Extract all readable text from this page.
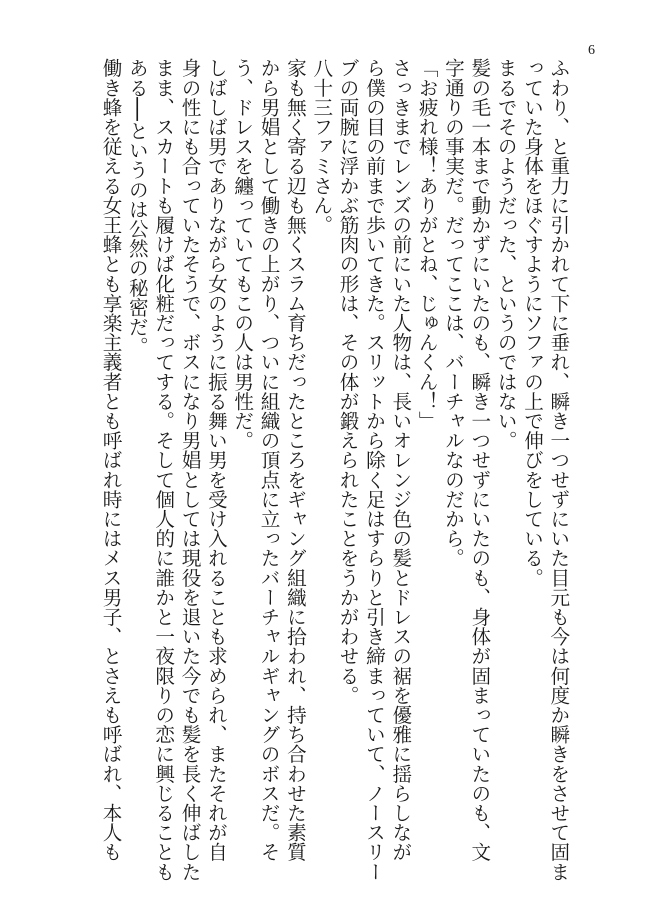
6
ふわり、と重力に引かれて下に垂れ、瞬き一つせずにいた目元も今は何度か瞬きをさせて固ま
っていた身体をほぐすようにソファの上で伸びをしている。
まるでそのようだった、というのではない。
髪の毛一本まで動かずにいたのも、瞬き一つせずにいたのも、身体が固まっていたのも、文
字通りの事実だ。だってここは、バーチャルなのだから。
「お疲れ様！ありがとね、じゅんくん！」
さっきまでレンズの前にいた人物は、長いオレンジ色の髪とドレスの裾を優雅に揺らしなが
ら僕の目の前まで歩いてきた。スリットから除く足はすらりと引き締まっていて、ノースリー
ブの両腕に浮かぶ筋肉の形は、その体が鍛えられたことをうかがわせる。
八十三ファミさん。
家も無く寄る辺も無くスラム育ちだったところをギャング組織に拾われ、持ち合わせた素質
から男娼として働きの上がり、ついに組織の頂点に立ったバーチャルギャングのボスだ。そ
う、ドレスを纏っていてもこの人は男性だ。
しばしば男でありながら女のように振る舞い男を受け入れることも求められ、またそれが自
身の性にも合っていたそうで、ボスになり男娼としては現役を退いた今でも髪を長く伸ばした
まま、スカートも履けば化粧だってする。そして個人的に誰かと一夜限りの恋に興じることも
ある──というのは公然の秘密だ。
働き蜂を従える女王蜂とも享楽主義者とも呼ばれ時にはメス男子、とさえも呼ばれ、本人も
